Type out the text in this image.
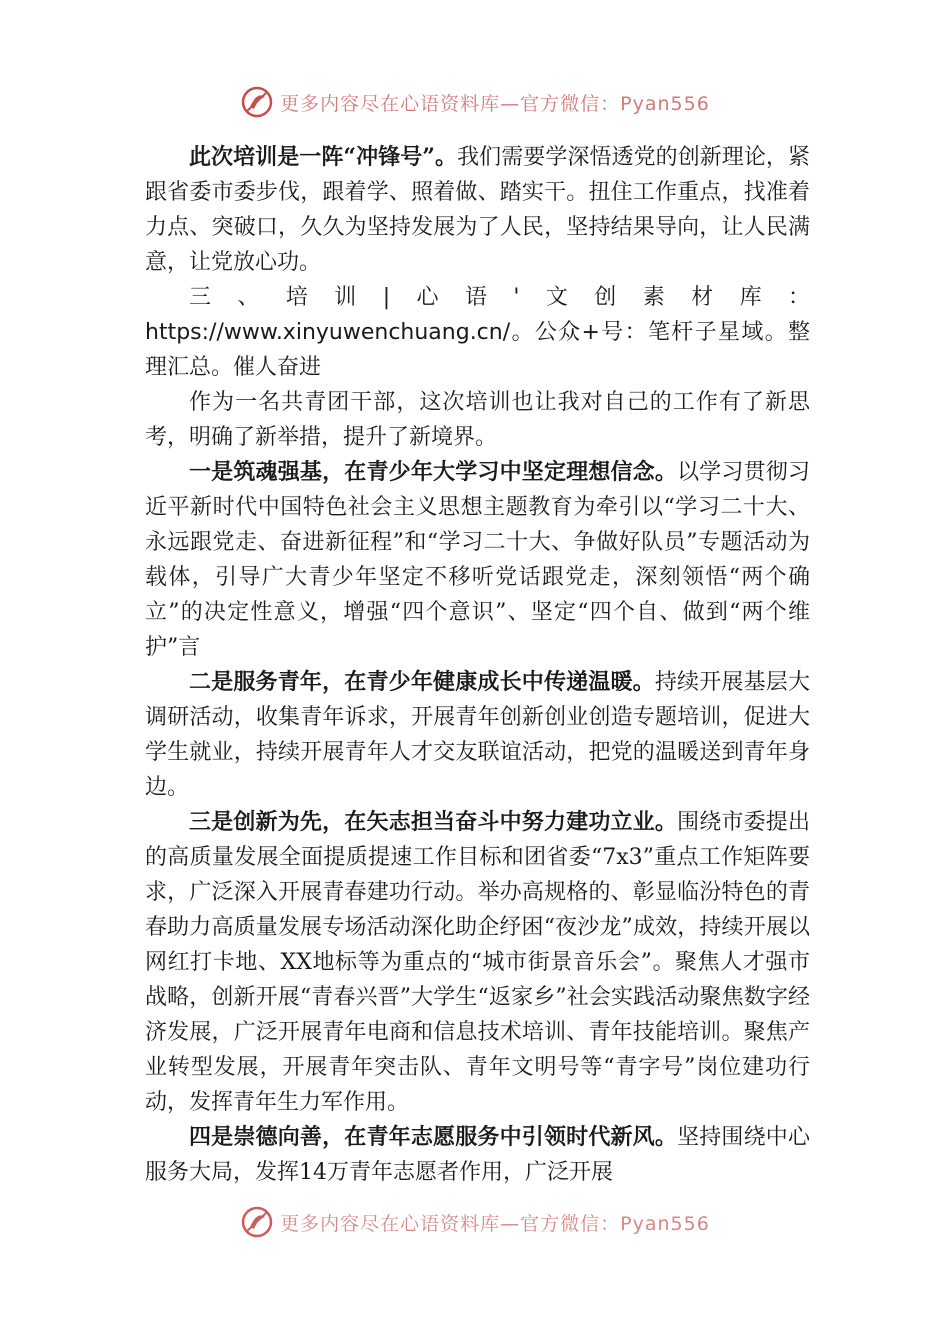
更多内容尽在心语资料库—官方微信：Pyan556

此次培训是一阵“冲锋号”。我们需要学深悟透党的创新理论，紧跟省委市委步伐，跟着学、照着做、踏实干。扭住工作重点，找准着力点、突破口，久久为坚持发展为了人民，坚持结果导向，让人民满意，让党放心功。

三、培训|心语'文创素材库：https://www.xinyuwenchuang.cn/。公众+号：笔杆子星域。整理汇总。催人奋进

作为一名共青团干部，这次培训也让我对自己的工作有了新思考，明确了新举措，提升了新境界。

一是筑魂强基，在青少年大学习中坚定理想信念。以学习贯彻习近平新时代中国特色社会主义思想主题教育为牵引以“学习二十大、永远跟党走、奋进新征程”和“学习二十大、争做好队员”专题活动为载体，引导广大青少年坚定不移听党话跟党走，深刻领悟“两个确立”的决定性意义，增强“四个意识”、坚定“四个自、做到“两个维护”言

二是服务青年，在青少年健康成长中传递温暖。持续开展基层大调研活动，收集青年诉求，开展青年创新创业创造专题培训，促进大学生就业，持续开展青年人才交友联谊活动，把党的温暖送到青年身边。

三是创新为先，在矢志担当奋斗中努力建功立业。围绕市委提出的高质量发展全面提质提速工作目标和团省委“7x3”重点工作矩阵要求，广泛深入开展青春建功行动。举办高规格的、彰显临汾特色的青春助力高质量发展专场活动深化助企纾困“夜沙龙”成效，持续开展以网红打卡地、XX地标等为重点的“城市街景音乐会”。聚焦人才强市战略，创新开展“青春兴晋”大学生“返家乡”社会实践活动聚焦数字经济发展，广泛开展青年电商和信息技术培训、青年技能培训。聚焦产业转型发展，开展青年突击队、青年文明号等“青字号”岗位建功行动，发挥青年生力军作用。

四是崇德向善，在青年志愿服务中引领时代新风。坚持围绕中心服务大局，发挥14万青年志愿者作用，广泛开展

更多内容尽在心语资料库—官方微信：Pyan556
